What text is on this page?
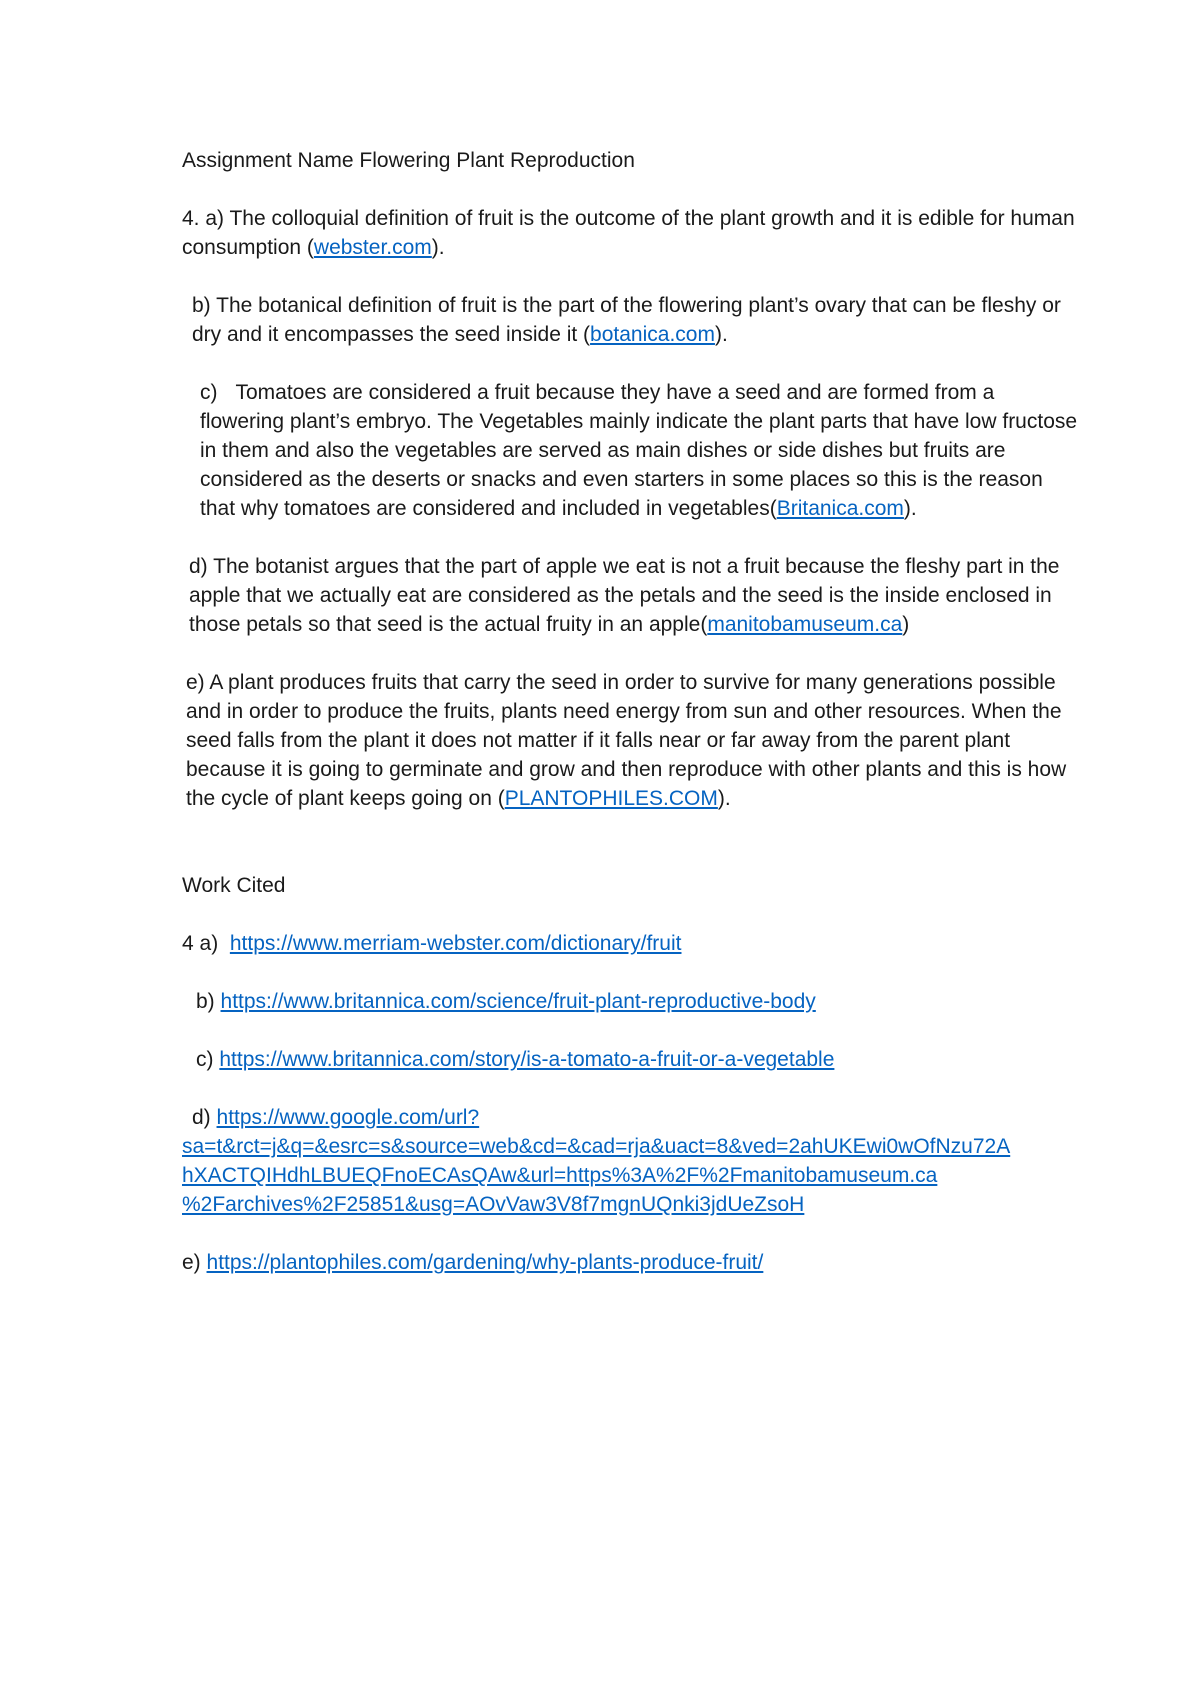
Assignment Name Flowering Plant Reproduction

4. a) The colloquial definition of fruit is the outcome of the plant growth and it is edible for human consumption (webster.com).

b) The botanical definition of fruit is the part of the flowering plant’s ovary that can be fleshy or dry and it encompasses the seed inside it (botanica.com).

c) Tomatoes are considered a fruit because they have a seed and are formed from a flowering plant’s embryo. The Vegetables mainly indicate the plant parts that have low fructose in them and also the vegetables are served as main dishes or side dishes but fruits are considered as the deserts or snacks and even starters in some places so this is the reason that why tomatoes are considered and included in vegetables(Britanica.com).

d) The botanist argues that the part of apple we eat is not a fruit because the fleshy part in the apple that we actually eat are considered as the petals and the seed is the inside enclosed in those petals so that seed is the actual fruity in an apple(manitobamuseum.ca)

e) A plant produces fruits that carry the seed in order to survive for many generations possible and in order to produce the fruits, plants need energy from sun and other resources. When the seed falls from the plant it does not matter if it falls near or far away from the parent plant because it is going to germinate and grow and then reproduce with other plants and this is how the cycle of plant keeps going on (PLANTOPHILES.COM).

Work Cited

4 a) https://www.merriam-webster.com/dictionary/fruit

b) https://www.britannica.com/science/fruit-plant-reproductive-body

c) https://www.britannica.com/story/is-a-tomato-a-fruit-or-a-vegetable

d) https://www.google.com/url?

sa=t&rct=j&q=&esrc=s&source=web&cd=&cad=rja&uact=8&ved=2ahUKEwi0wOfNzu72A

hXACTQIHdhLBUEQFnoECAsQAw&url=https%3A%2F%2Fmanitobamuseum.ca

%2Farchives%2F25851&usg=AOvVaw3V8f7mgnUQnki3jdUeZsoH

e) https://plantophiles.com/gardening/why-plants-produce-fruit/
